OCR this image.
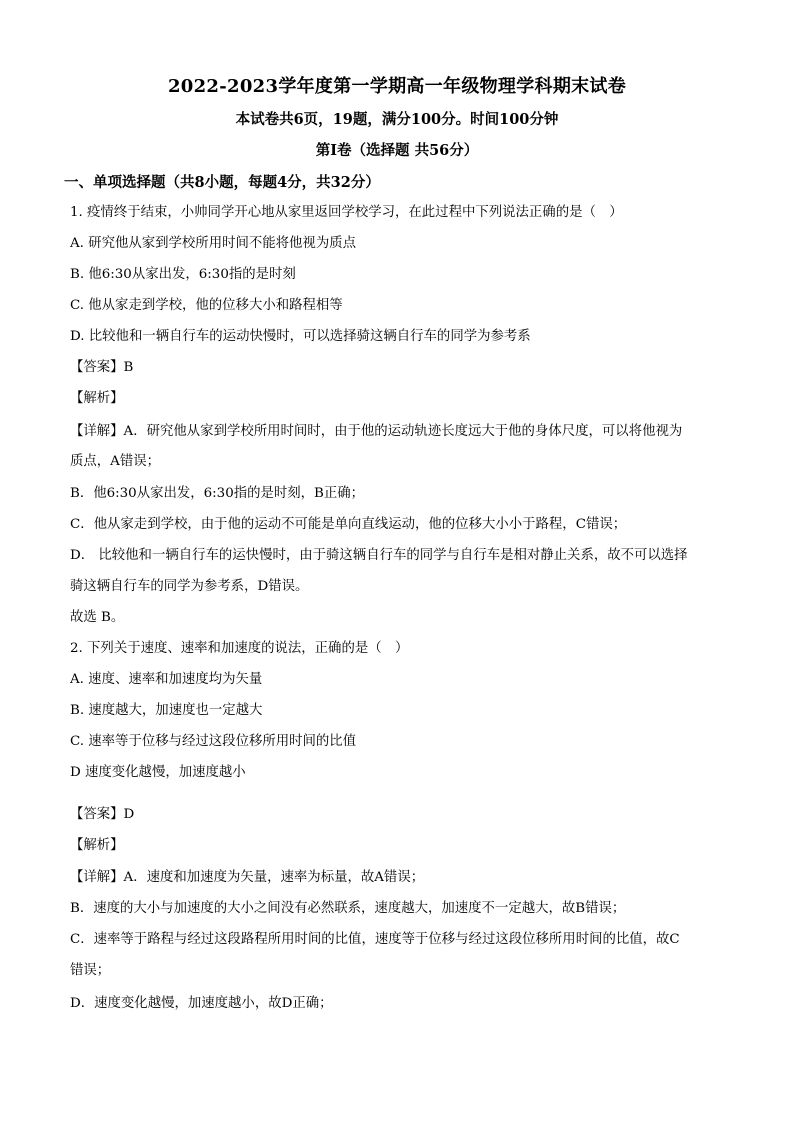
2022-2023学年度第一学期高一年级物理学科期末试卷
本试卷共6页，19题，满分100分。时间100分钟
第I卷（选择题 共56分）
一、单项选择题（共8小题，每题4分，共32分）
1. 疫情终于结束，小帅同学开心地从家里返回学校学习，在此过程中下列说法正确的是（　）
A. 研究他从家到学校所用时间不能将他视为质点
B. 他6:30从家出发，6:30指的是时刻
C. 他从家走到学校，他的位移大小和路程相等
D. 比较他和一辆自行车的运动快慢时，可以选择骑这辆自行车的同学为参考系
【答案】B
【解析】
【详解】A．研究他从家到学校所用时间时，由于他的运动轨迹长度远大于他的身体尺度，可以将他视为
质点，A错误；
B．他6:30从家出发，6:30指的是时刻，B正确；
C．他从家走到学校，由于他的运动不可能是单向直线运动，他的位移大小小于路程，C错误；
D． 比较他和一辆自行车的运快慢时，由于骑这辆自行车的同学与自行车是相对静止关系，故不可以选择
骑这辆自行车的同学为参考系，D错误。
故选 B。
2. 下列关于速度、速率和加速度的说法，正确的是（　）
A. 速度、速率和加速度均为矢量
B. 速度越大，加速度也一定越大
C. 速率等于位移与经过这段位移所用时间的比值
D 速度变化越慢，加速度越小
【答案】D
【解析】
【详解】A．速度和加速度为矢量，速率为标量，故A错误；
B．速度的大小与加速度的大小之间没有必然联系，速度越大，加速度不一定越大，故B错误；
C．速率等于路程与经过这段路程所用时间的比值，速度等于位移与经过这段位移所用时间的比值，故C
错误；
D．速度变化越慢，加速度越小，故D正确；
